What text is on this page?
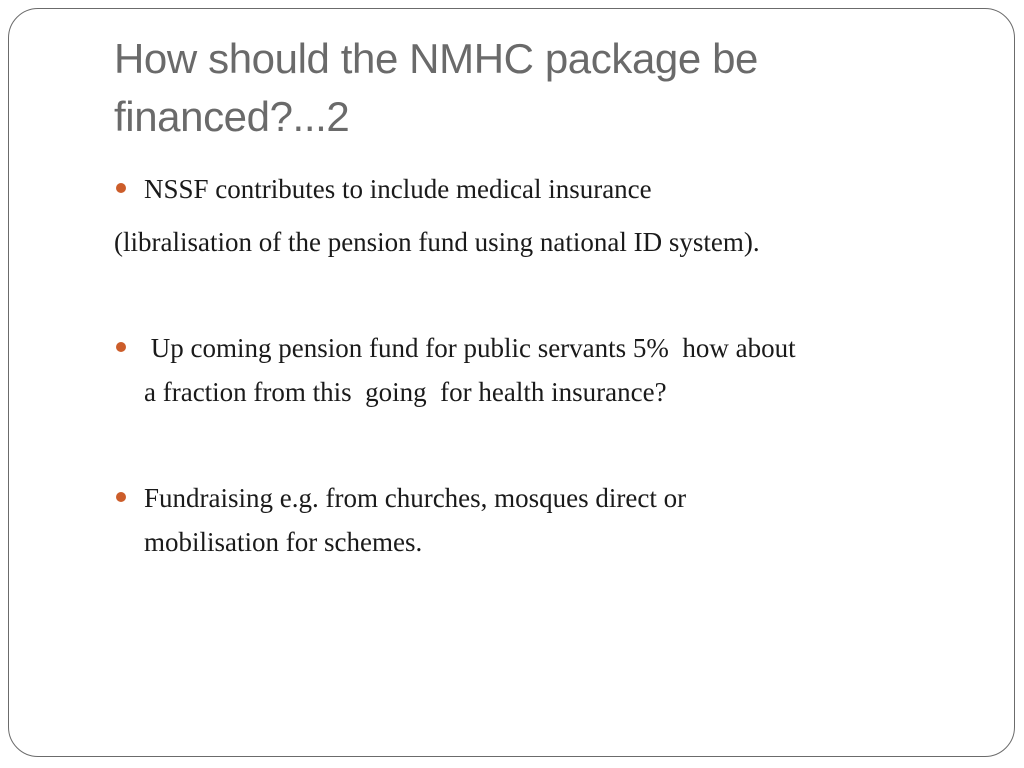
How should the NMHC package be
financed?...2
NSSF contributes to include medical insurance
(libralisation of the pension fund using national ID system).
Up coming pension fund for public servants 5%  how about
a fraction from this  going  for health insurance?
Fundraising e.g. from churches, mosques direct or
mobilisation for schemes.
